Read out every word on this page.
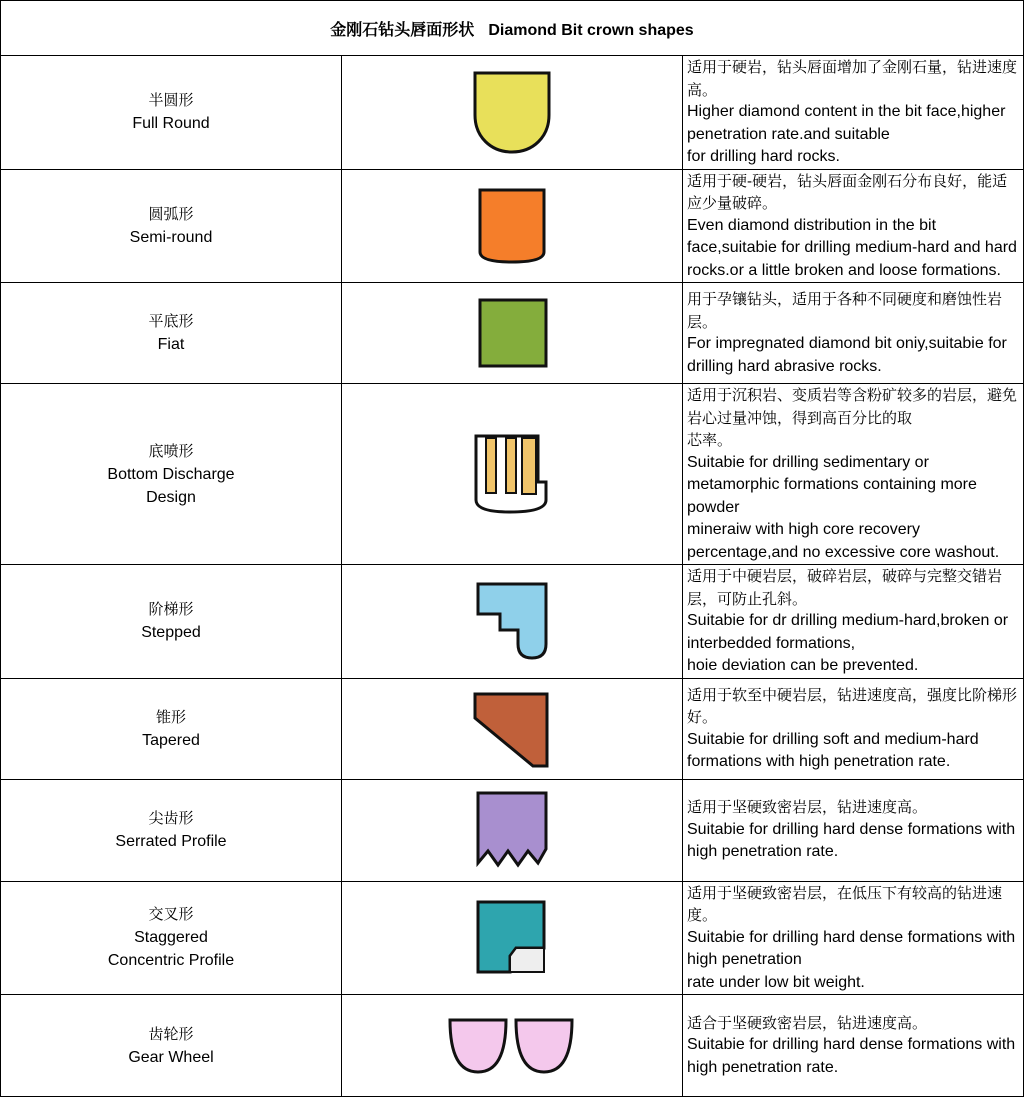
金刚石钻头唇面形状 Diamond Bit crown shapes		

半圆形
Full Round		适用于硬岩，钻头唇面增加了金刚石量，钻进速度高。
Higher diamond content in the bit face,higher penetration rate.and suitable
for drilling hard rocks.

圆弧形
Semi-round		适用于硬-硬岩，钻头唇面金刚石分布良好，能适应少量破碎。
Even diamond distribution in the bit face,suitabie for drilling medium-hard and hard
rocks.or a little broken and loose formations.

平底形
Fiat		用于孕镶钻头，适用于各种不同硬度和磨蚀性岩层。
For impregnated diamond bit oniy,suitabie for drilling hard abrasive rocks.

底喷形
Bottom Discharge
Design		适用于沉积岩、变质岩等含粉矿较多的岩层，避免岩心过量冲蚀，得到高百分比的取
芯率。
Suitabie for drilling sedimentary or metamorphic formations containing more powder
mineraiw with high core recovery percentage,and no excessive core washout.

阶梯形
Stepped		适用于中硬岩层，破碎岩层，破碎与完整交错岩层，可防止孔斜。
Suitabie for dr drilling medium-hard,broken or interbedded formations,
hoie deviation can be prevented.

锥形
Tapered		适用于软至中硬岩层，钻进速度高，强度比阶梯形好。
Suitabie for drilling soft and medium-hard formations with high penetration rate.

尖齿形
Serrated Profile		适用于坚硬致密岩层，钻进速度高。
Suitabie for drilling hard dense formations with high penetration rate.

交叉形
Staggered
Concentric Profile		适用于坚硬致密岩层，在低压下有较高的钻进速度。
Suitabie for drilling hard dense formations with high penetration
rate under low bit weight.

齿轮形
Gear Wheel		适合于坚硬致密岩层，钻进速度高。
Suitabie for drilling hard dense formations with high penetration rate.
